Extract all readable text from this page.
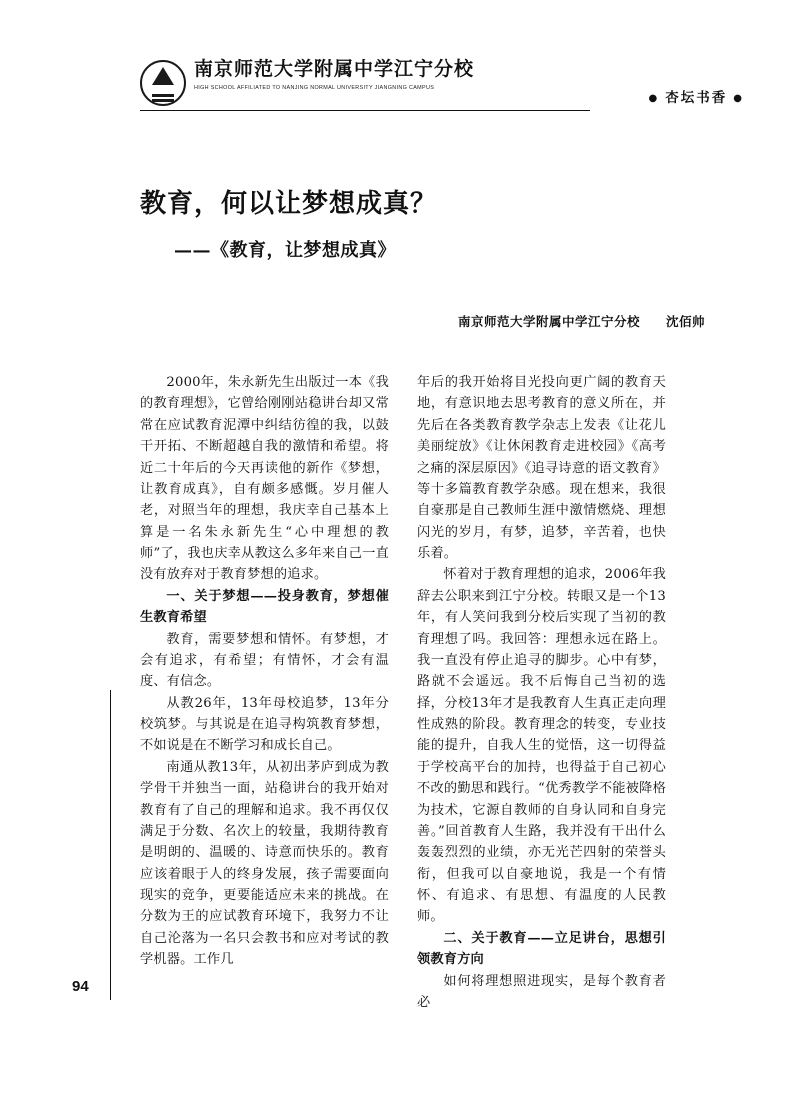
南京师范大学附属中学江宁分校
HIGH SCHOOL AFFILIATED TO NANJING NORMAL UNIVERSITY JIANGNING CAMPUS
● 杏坛书香 ●
教育，何以让梦想成真？
——《教育，让梦想成真》
南京师范大学附属中学江宁分校 沈佰帅

2000年，朱永新先生出版过一本《我的教育理想》，它曾给刚刚站稳讲台却又常常在应试教育泥潭中纠结彷徨的我，以鼓干开拓、不断超越自我的激情和希望。将近二十年后的今天再读他的新作《梦想，让教育成真》，自有颇多感慨。岁月催人老，对照当年的理想，我庆幸自己基本上算是一名朱永新先生“心中理想的教师”了，我也庆幸从教这么多年来自己一直没有放弃对于教育梦想的追求。

一、关于梦想——投身教育，梦想催生教育希望

教育，需要梦想和情怀。有梦想，才会有追求，有希望；有情怀，才会有温度、有信念。

从教26年，13年母校追梦，13年分校筑梦。与其说是在追寻构筑教育梦想，不如说是在不断学习和成长自己。

南通从教13年，从初出茅庐到成为教学骨干并独当一面，站稳讲台的我开始对教育有了自己的理解和追求。我不再仅仅满足于分数、名次上的较量，我期待教育是明朗的、温暖的、诗意而快乐的。教育应该着眼于人的终身发展，孩子需要面向现实的竞争，更要能适应未来的挑战。在分数为王的应试教育环境下，我努力不让自己沦落为一名只会教书和应对考试的教学机器。工作几

年后的我开始将目光投向更广阔的教育天地，有意识地去思考教育的意义所在，并先后在各类教育教学杂志上发表《让花儿美丽绽放》《让休闲教育走进校园》《高考之痛的深层原因》《追寻诗意的语文教育》等十多篇教育教学杂感。现在想来，我很自豪那是自己教师生涯中激情燃烧、理想闪光的岁月，有梦，追梦，辛苦着，也快乐着。

怀着对于教育理想的追求，2006年我辞去公职来到江宁分校。转眼又是一个13年，有人笑问我到分校后实现了当初的教育理想了吗。我回答：理想永远在路上。我一直没有停止追寻的脚步。心中有梦，路就不会遥远。我不后悔自己当初的选择，分校13年才是我教育人生真正走向理性成熟的阶段。教育理念的转变，专业技能的提升，自我人生的觉悟，这一切得益于学校高平台的加持，也得益于自己初心不改的勤思和践行。“优秀教学不能被降格为技术，它源自教师的自身认同和自身完善。”回首教育人生路，我并没有干出什么轰轰烈烈的业绩，亦无光芒四射的荣誉头衔，但我可以自豪地说，我是一个有情怀、有追求、有思想、有温度的人民教师。

二、关于教育——立足讲台，思想引领教育方向

如何将理想照进现实，是每个教育者必

94
